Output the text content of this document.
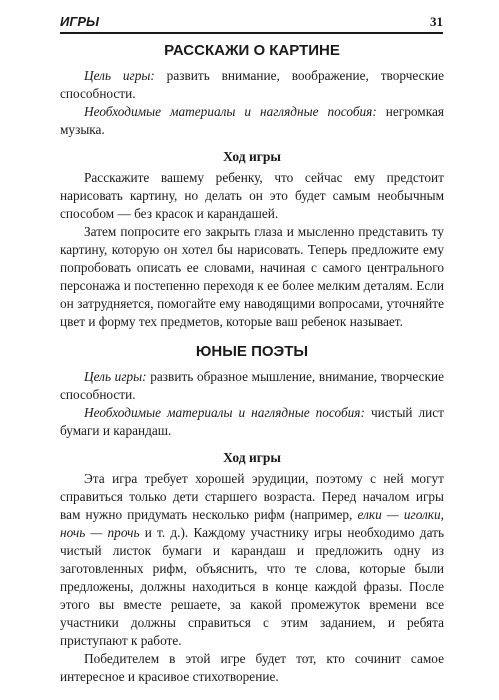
ИГРЫ	31
РАССКАЖИ О КАРТИНЕ

Цель игры: развить внимание, воображение, творческие способности.

Необходимые материалы и наглядные пособия: негромкая музыка.

Ход игры

Расскажите вашему ребенку, что сейчас ему предстоит нарисовать картину, но делать он это будет самым необычным способом — без красок и карандашей.

Затем попросите его закрыть глаза и мысленно представить ту картину, которую он хотел бы нарисовать. Теперь предложите ему попробовать описать ее словами, начиная с самого центрального персонажа и постепенно переходя к ее более мелким деталям. Если он затрудняется, помогайте ему наводящими вопросами, уточняйте цвет и форму тех предметов, которые ваш ребенок называет.

ЮНЫЕ ПОЭТЫ

Цель игры: развить образное мышление, внимание, творческие способности.

Необходимые материалы и наглядные пособия: чистый лист бумаги и карандаш.

Ход игры

Эта игра требует хорошей эрудиции, поэтому с ней могут справиться только дети старшего возраста. Перед началом игры вам нужно придумать несколько рифм (например, елки — иголки, ночь — прочь и т. д.). Каждому участнику игры необходимо дать чистый листок бумаги и карандаш и предложить одну из заготовленных рифм, объяснить, что те слова, которые были предложены, должны находиться в конце каждой фразы. После этого вы вместе решаете, за какой промежуток времени все участники должны справиться с этим заданием, и ребята приступают к работе.

Победителем в этой игре будет тот, кто сочинит самое интересное и красивое стихотворение.
